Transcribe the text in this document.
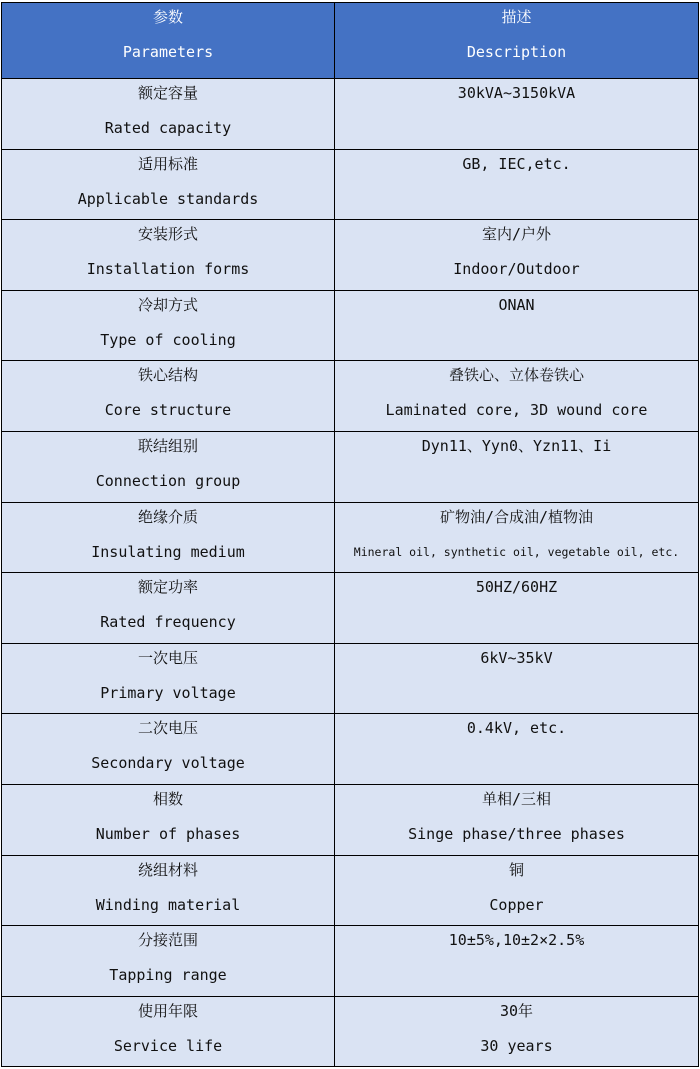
参数
Parameters	描述
Description

额定容量
Rated capacity	30kVA~3150kVA

适用标准
Applicable standards	GB, IEC,etc.

安装形式
Installation forms	室内/户外
Indoor/Outdoor

冷却方式
Type of cooling	ONAN

铁心结构
Core structure	叠铁心、立体卷铁心
Laminated core, 3D wound core

联结组别
Connection group	Dyn11、Yyn0、Yzn11、Ii

绝缘介质
Insulating medium	矿物油/合成油/植物油
Mineral oil, synthetic oil, vegetable oil, etc.

额定功率
Rated frequency	50HZ/60HZ

一次电压
Primary voltage	6kV~35kV

二次电压
Secondary voltage	0.4kV, etc.

相数
Number of phases	单相/三相
Singe phase/three phases

绕组材料
Winding material	铜
Copper

分接范围
Tapping range	10±5%,10±2×2.5%

使用年限
Service life	30年
30 years
